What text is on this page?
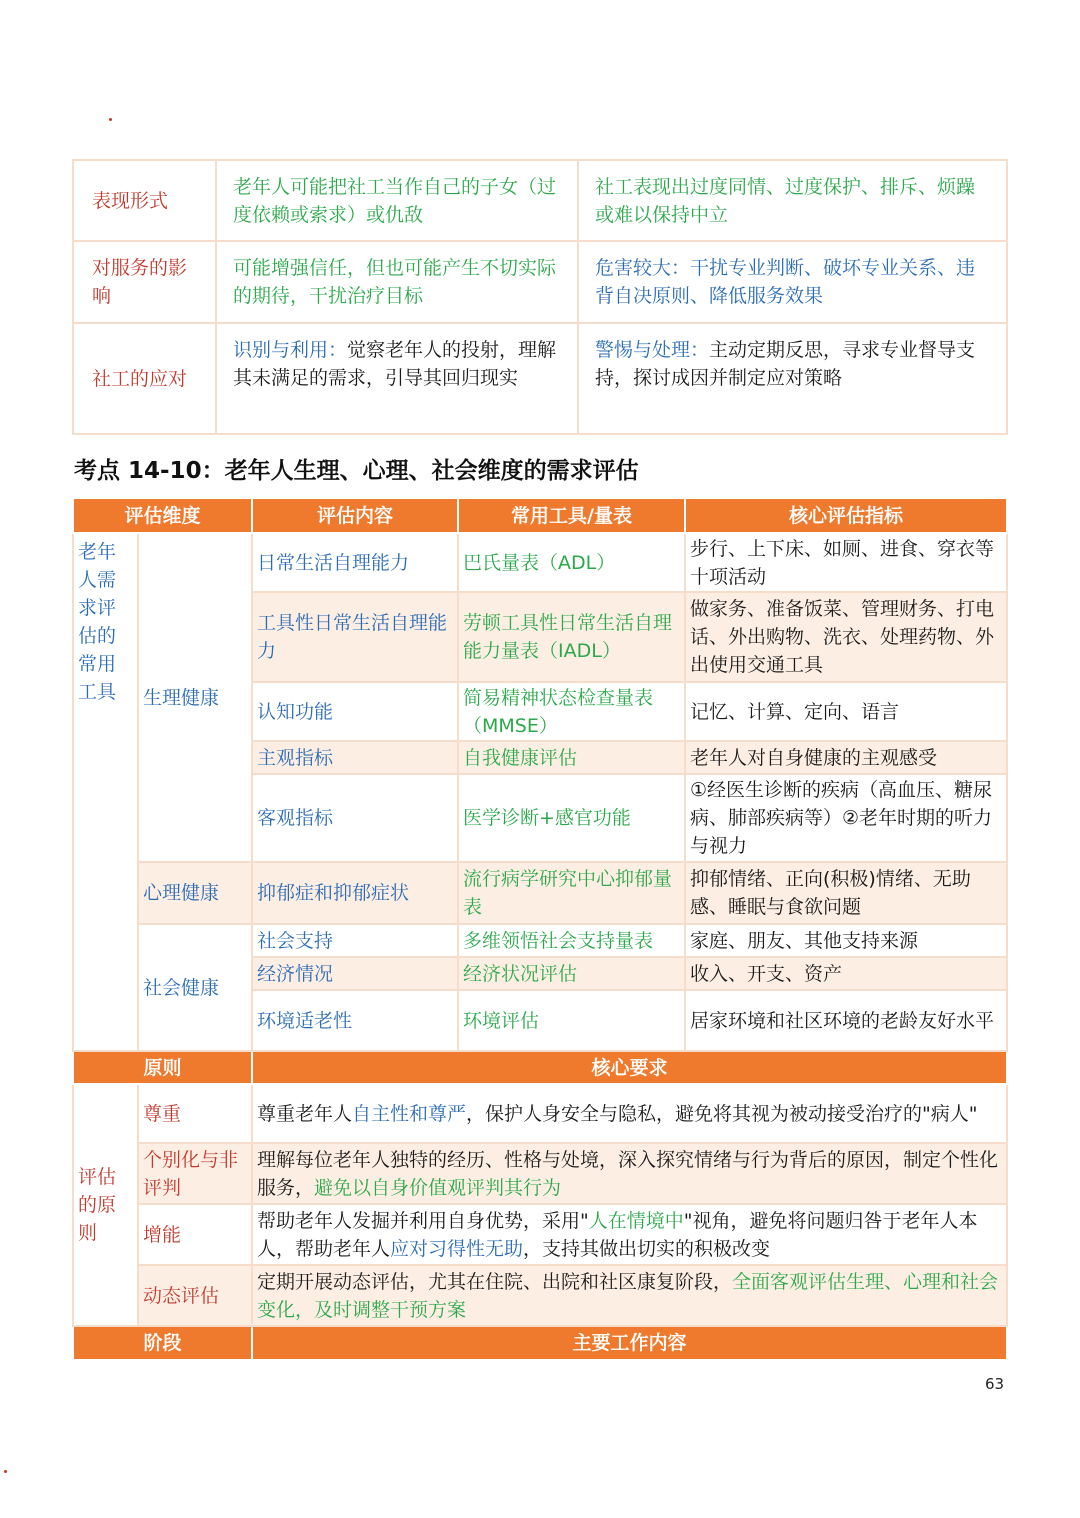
表现形式	老年人可能把社工当作自己的子女（过度依赖或索求）或仇敌	社工表现出过度同情、过度保护、排斥、烦躁或难以保持中立
对服务的影响	可能增强信任，但也可能产生不切实际的期待，干扰治疗目标	危害较大：干扰专业判断、破坏专业关系、违背自决原则、降低服务效果
社工的应对	识别与利用：觉察老年人的投射，理解其未满足的需求，引导其回归现实	警惕与处理：主动定期反思，寻求专业督导支持，探讨成因并制定应对策略
考点 14-10：老年人生理、心理、社会维度的需求评估
评估维度		评估内容	常用工具/量表	核心评估指标
老年人需求评估的常用工具	生理健康	日常生活自理能力	巴氏量表（ADL）	步行、上下床、如厕、进食、穿衣等十项活动
		工具性日常生活自理能力	劳顿工具性日常生活自理能力量表（IADL）	做家务、准备饭菜、管理财务、打电话、外出购物、洗衣、处理药物、外出使用交通工具
		认知功能	简易精神状态检查量表（MMSE）	记忆、计算、定向、语言
		主观指标	自我健康评估	老年人对自身健康的主观感受
		客观指标	医学诊断+感官功能	①经医生诊断的疾病（高血压、糖尿病、肺部疾病等）②老年时期的听力与视力
	心理健康	抑郁症和抑郁症状	流行病学研究中心抑郁量表	抑郁情绪、正向(积极)情绪、无助感、睡眠与食欲问题
	社会健康	社会支持	多维领悟社会支持量表	家庭、朋友、其他支持来源
		经济情况	经济状况评估	收入、开支、资产
		环境适老性	环境评估	居家环境和社区环境的老龄友好水平
原则		核心要求		
评估的原则	尊重	尊重老年人自主性和尊严，保护人身安全与隐私，避免将其视为被动接受治疗的"病人"		
	个别化与非评判	理解每位老年人独特的经历、性格与处境，深入探究情绪与行为背后的原因，制定个性化服务，避免以自身价值观评判其行为		
	增能	帮助老年人发掘并利用自身优势，采用"人在情境中"视角，避免将问题归咎于老年人本人，帮助老年人应对习得性无助，支持其做出切实的积极改变		
	动态评估	定期开展动态评估，尤其在住院、出院和社区康复阶段，全面客观评估生理、心理和社会变化，及时调整干预方案		
阶段		主要工作内容		
63
